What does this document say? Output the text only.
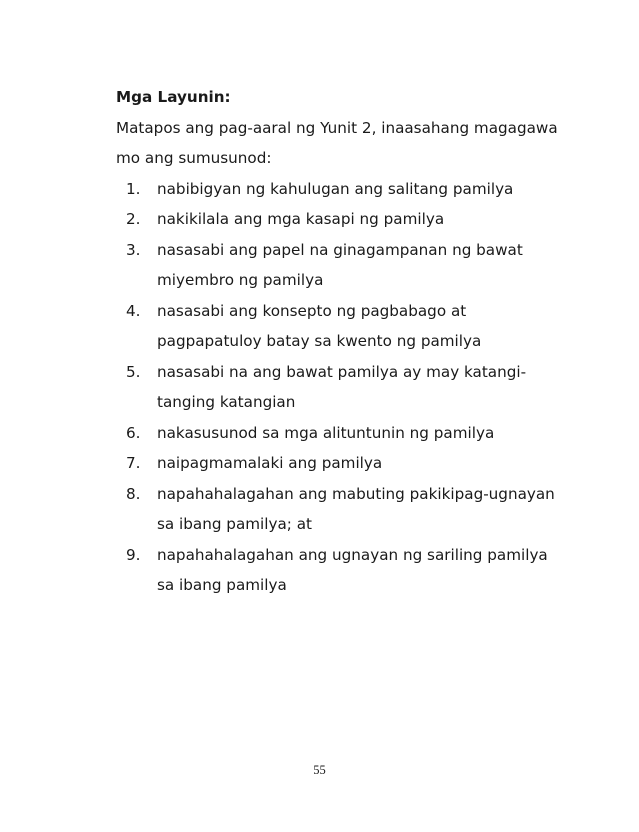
Mga Layunin:

Matapos ang pag-aaral ng Yunit 2, inaasahang magagawa mo ang sumusunod:

1. nabibigyan ng kahulugan ang salitang pamilya
2. nakikilala ang mga kasapi ng pamilya
3. nasasabi ang papel na ginagampanan ng bawat miyembro ng pamilya
4. nasasabi ang konsepto ng pagbabago at pagpapatuloy batay sa kwento ng pamilya
5. nasasabi na ang bawat pamilya ay may katangi-tanging katangian
6. nakasusunod sa mga alituntunin ng pamilya
7. naipagmamalaki ang pamilya
8. napahahalagahan ang mabuting pakikipag-ugnayan sa ibang pamilya; at
9. napahahalagahan ang ugnayan ng sariling pamilya sa ibang pamilya
55
